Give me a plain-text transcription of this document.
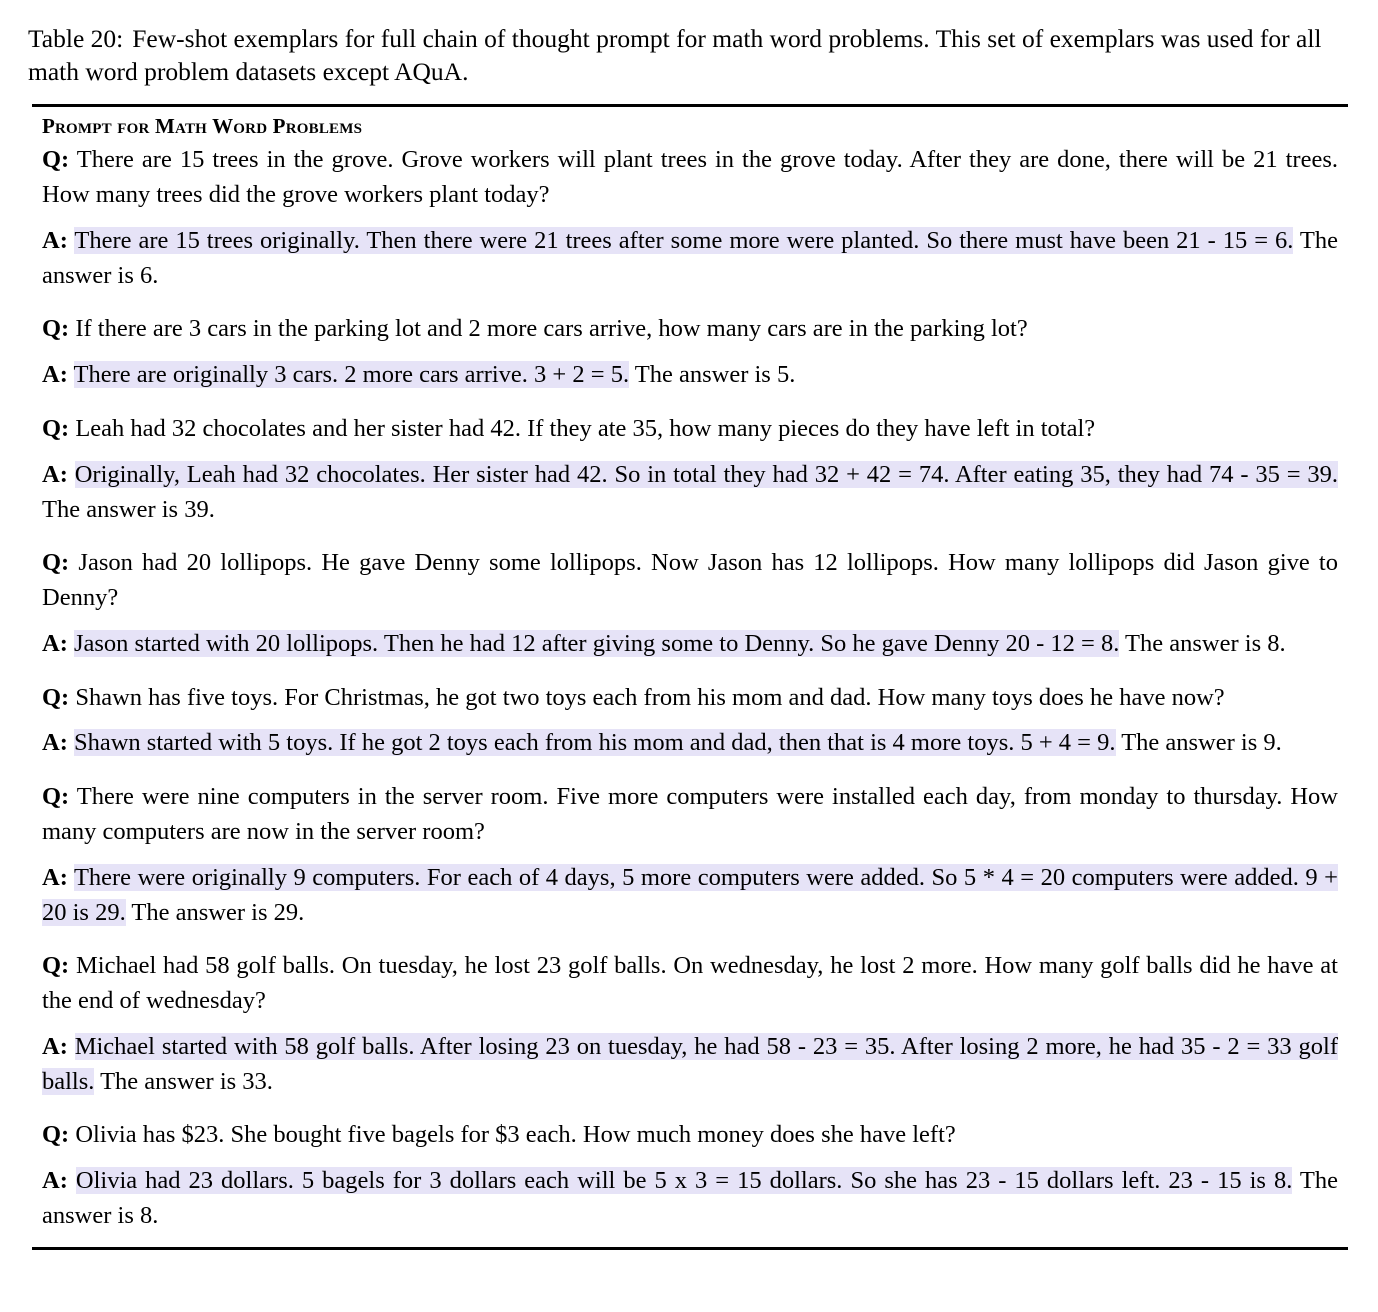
Table 20: Few-shot exemplars for full chain of thought prompt for math word problems. This set of exemplars was used for all math word problem datasets except AQuA.

Prompt for Math Word Problems

Q: There are 15 trees in the grove. Grove workers will plant trees in the grove today. After they are done, there will be 21 trees. How many trees did the grove workers plant today?

A: There are 15 trees originally. Then there were 21 trees after some more were planted. So there must have been 21 - 15 = 6. The answer is 6.

Q: If there are 3 cars in the parking lot and 2 more cars arrive, how many cars are in the parking lot?

A: There are originally 3 cars. 2 more cars arrive. 3 + 2 = 5. The answer is 5.

Q: Leah had 32 chocolates and her sister had 42. If they ate 35, how many pieces do they have left in total?

A: Originally, Leah had 32 chocolates. Her sister had 42. So in total they had 32 + 42 = 74. After eating 35, they had 74 - 35 = 39. The answer is 39.

Q: Jason had 20 lollipops. He gave Denny some lollipops. Now Jason has 12 lollipops. How many lollipops did Jason give to Denny?

A: Jason started with 20 lollipops. Then he had 12 after giving some to Denny. So he gave Denny 20 - 12 = 8. The answer is 8.

Q: Shawn has five toys. For Christmas, he got two toys each from his mom and dad. How many toys does he have now?

A: Shawn started with 5 toys. If he got 2 toys each from his mom and dad, then that is 4 more toys. 5 + 4 = 9. The answer is 9.

Q: There were nine computers in the server room. Five more computers were installed each day, from monday to thursday. How many computers are now in the server room?

A: There were originally 9 computers. For each of 4 days, 5 more computers were added. So 5 * 4 = 20 computers were added. 9 + 20 is 29. The answer is 29.

Q: Michael had 58 golf balls. On tuesday, he lost 23 golf balls. On wednesday, he lost 2 more. How many golf balls did he have at the end of wednesday?

A: Michael started with 58 golf balls. After losing 23 on tuesday, he had 58 - 23 = 35. After losing 2 more, he had 35 - 2 = 33 golf balls. The answer is 33.

Q: Olivia has $23. She bought five bagels for $3 each. How much money does she have left?

A: Olivia had 23 dollars. 5 bagels for 3 dollars each will be 5 x 3 = 15 dollars. So she has 23 - 15 dollars left. 23 - 15 is 8. The answer is 8.
